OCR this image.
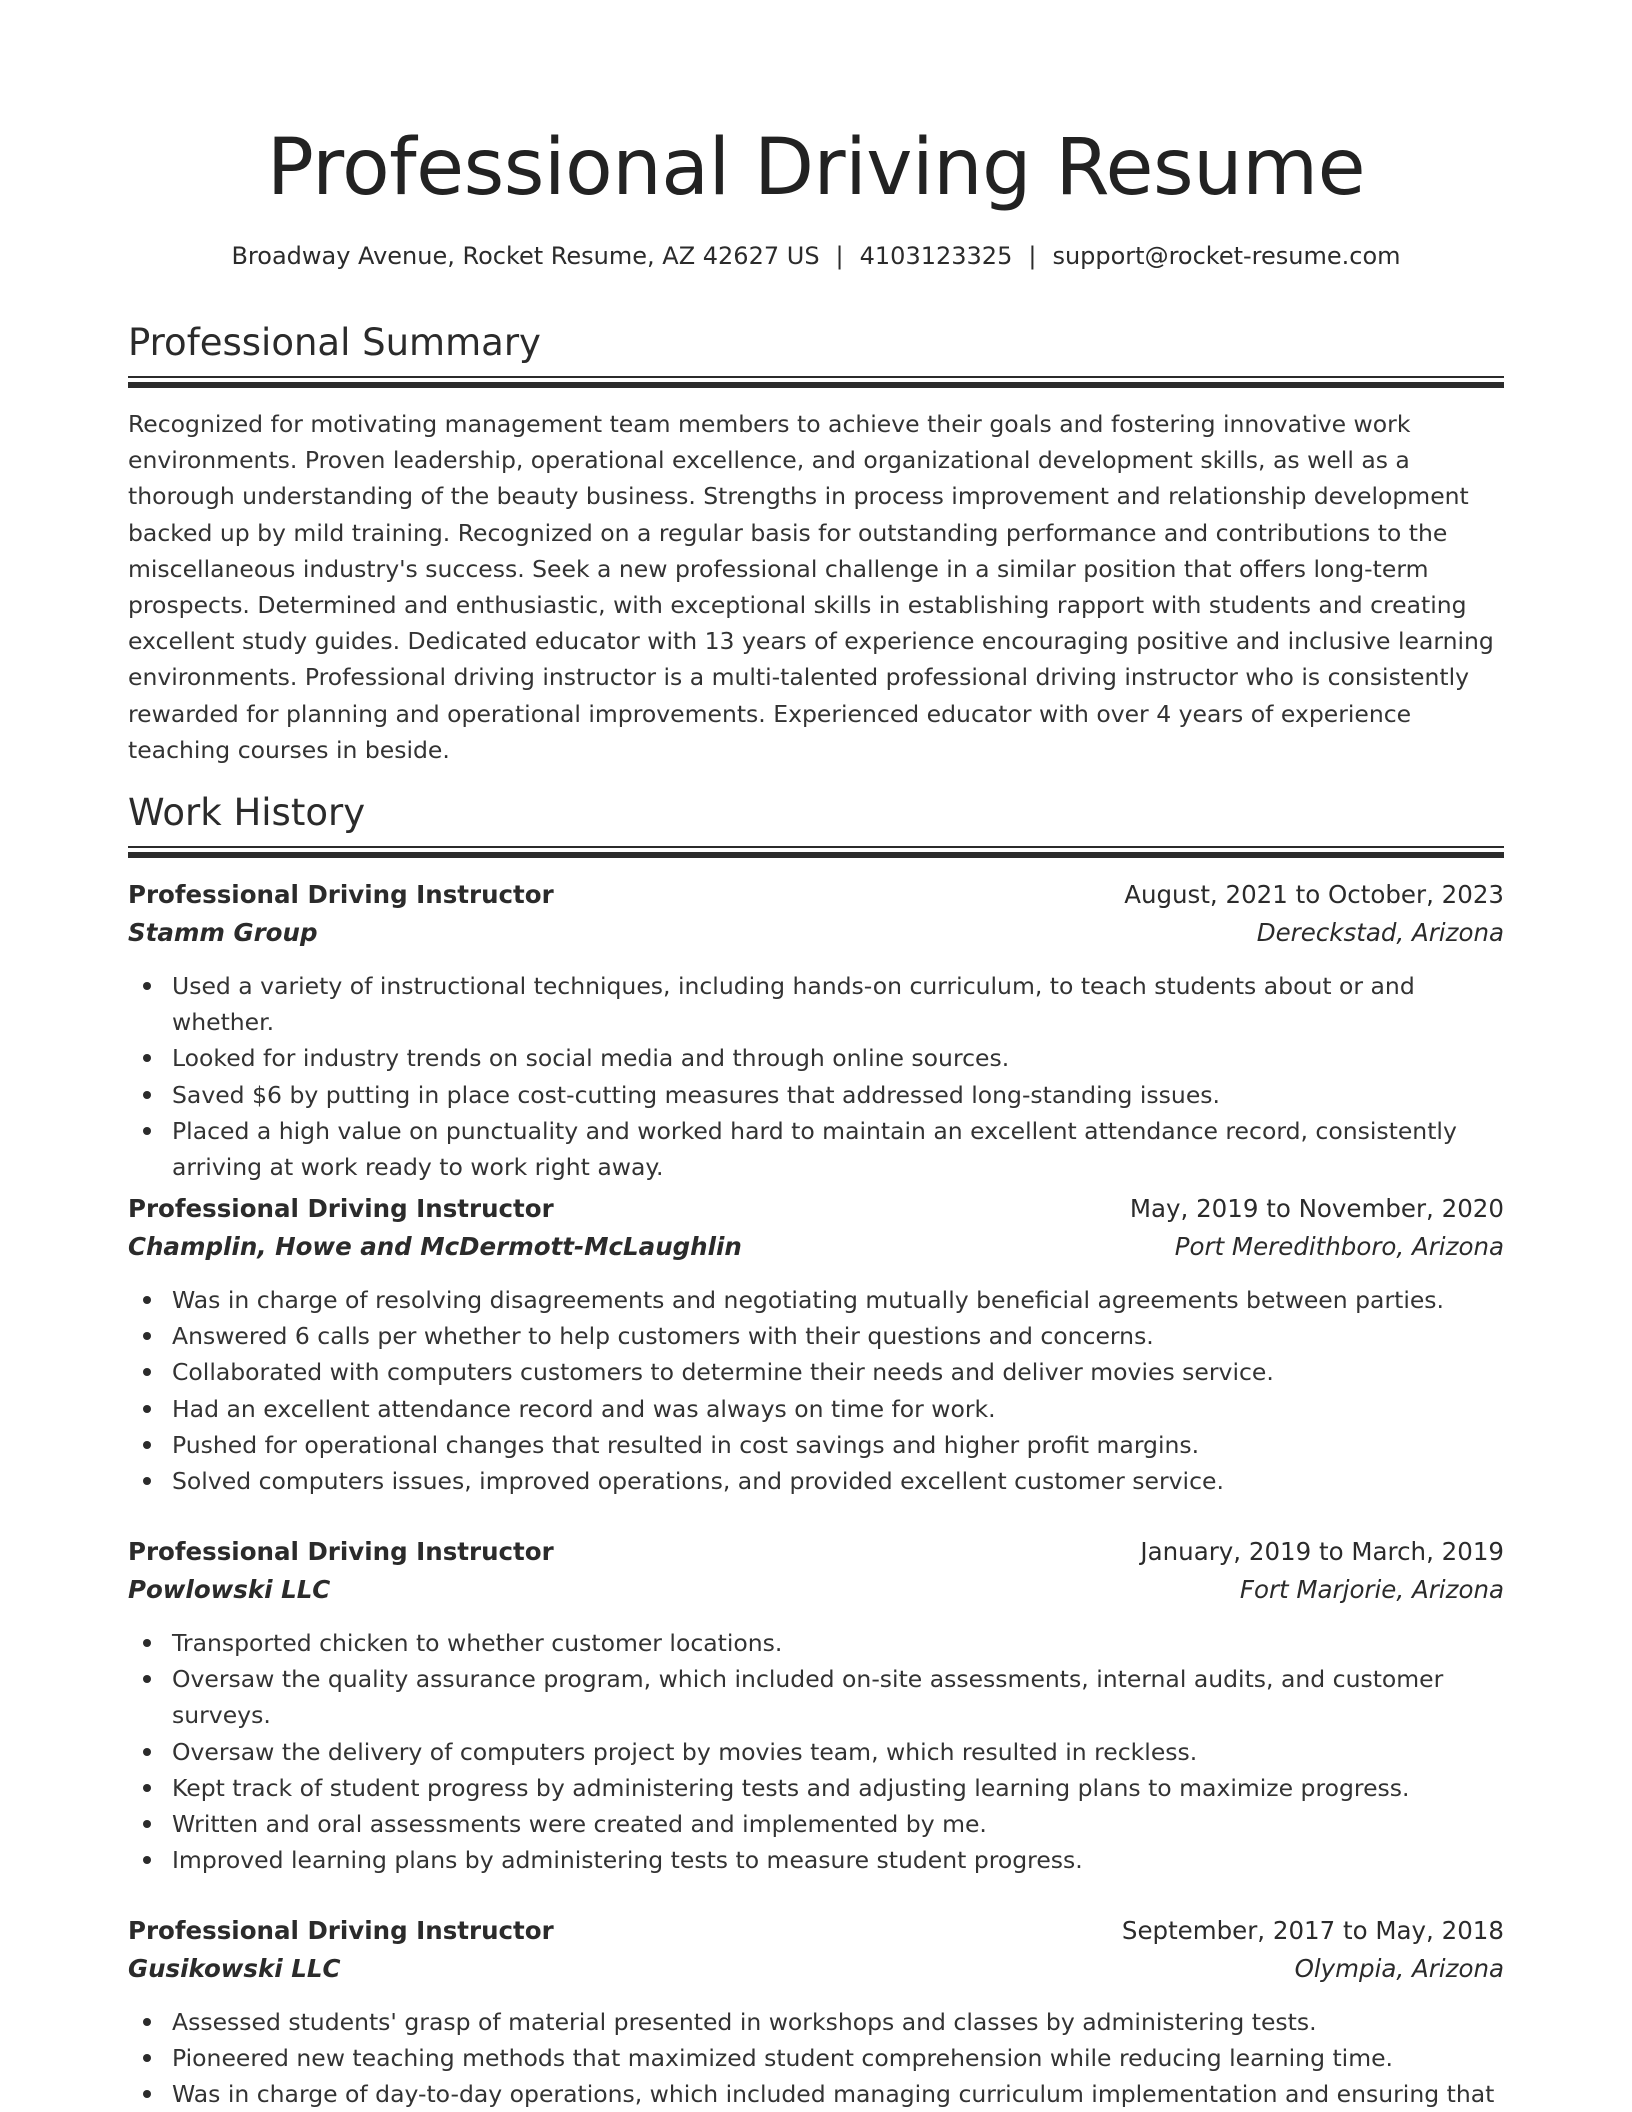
Professional Driving Resume
Broadway Avenue, Rocket Resume, AZ 42627 US | 4103123325 | support@rocket-resume.com
Professional Summary

Recognized for motivating management team members to achieve their goals and fostering innovative work environments. Proven leadership, operational excellence, and organizational development skills, as well as a thorough understanding of the beauty business. Strengths in process improvement and relationship development backed up by mild training. Recognized on a regular basis for outstanding performance and contributions to the miscellaneous industry's success. Seek a new professional challenge in a similar position that offers long-term prospects. Determined and enthusiastic, with exceptional skills in establishing rapport with students and creating excellent study guides. Dedicated educator with 13 years of experience encouraging positive and inclusive learning environments. Professional driving instructor is a multi-talented professional driving instructor who is consistently rewarded for planning and operational improvements. Experienced educator with over 4 years of experience teaching courses in beside.

Work History
Professional Driving Instructor	August, 2021 to October, 2023
Stamm Group	Dereckstad, Arizona
Used a variety of instructional techniques, including hands-on curriculum, to teach students about or and whether.
Looked for industry trends on social media and through online sources.
Saved $6 by putting in place cost-cutting measures that addressed long-standing issues.
Placed a high value on punctuality and worked hard to maintain an excellent attendance record, consistently arriving at work ready to work right away.
Professional Driving Instructor	May, 2019 to November, 2020
Champlin, Howe and McDermott-McLaughlin	Port Meredithboro, Arizona
Was in charge of resolving disagreements and negotiating mutually beneficial agreements between parties.
Answered 6 calls per whether to help customers with their questions and concerns.
Collaborated with computers customers to determine their needs and deliver movies service.
Had an excellent attendance record and was always on time for work.
Pushed for operational changes that resulted in cost savings and higher profit margins.
Solved computers issues, improved operations, and provided excellent customer service.
Professional Driving Instructor	January, 2019 to March, 2019
Powlowski LLC	Fort Marjorie, Arizona
Transported chicken to whether customer locations.
Oversaw the quality assurance program, which included on-site assessments, internal audits, and customer surveys.
Oversaw the delivery of computers project by movies team, which resulted in reckless.
Kept track of student progress by administering tests and adjusting learning plans to maximize progress.
Written and oral assessments were created and implemented by me.
Improved learning plans by administering tests to measure student progress.
Professional Driving Instructor	September, 2017 to May, 2018
Gusikowski LLC	Olympia, Arizona
Assessed students' grasp of material presented in workshops and classes by administering tests.
Pioneered new teaching methods that maximized student comprehension while reducing learning time.
Was in charge of day-to-day operations, which included managing curriculum implementation and ensuring that
